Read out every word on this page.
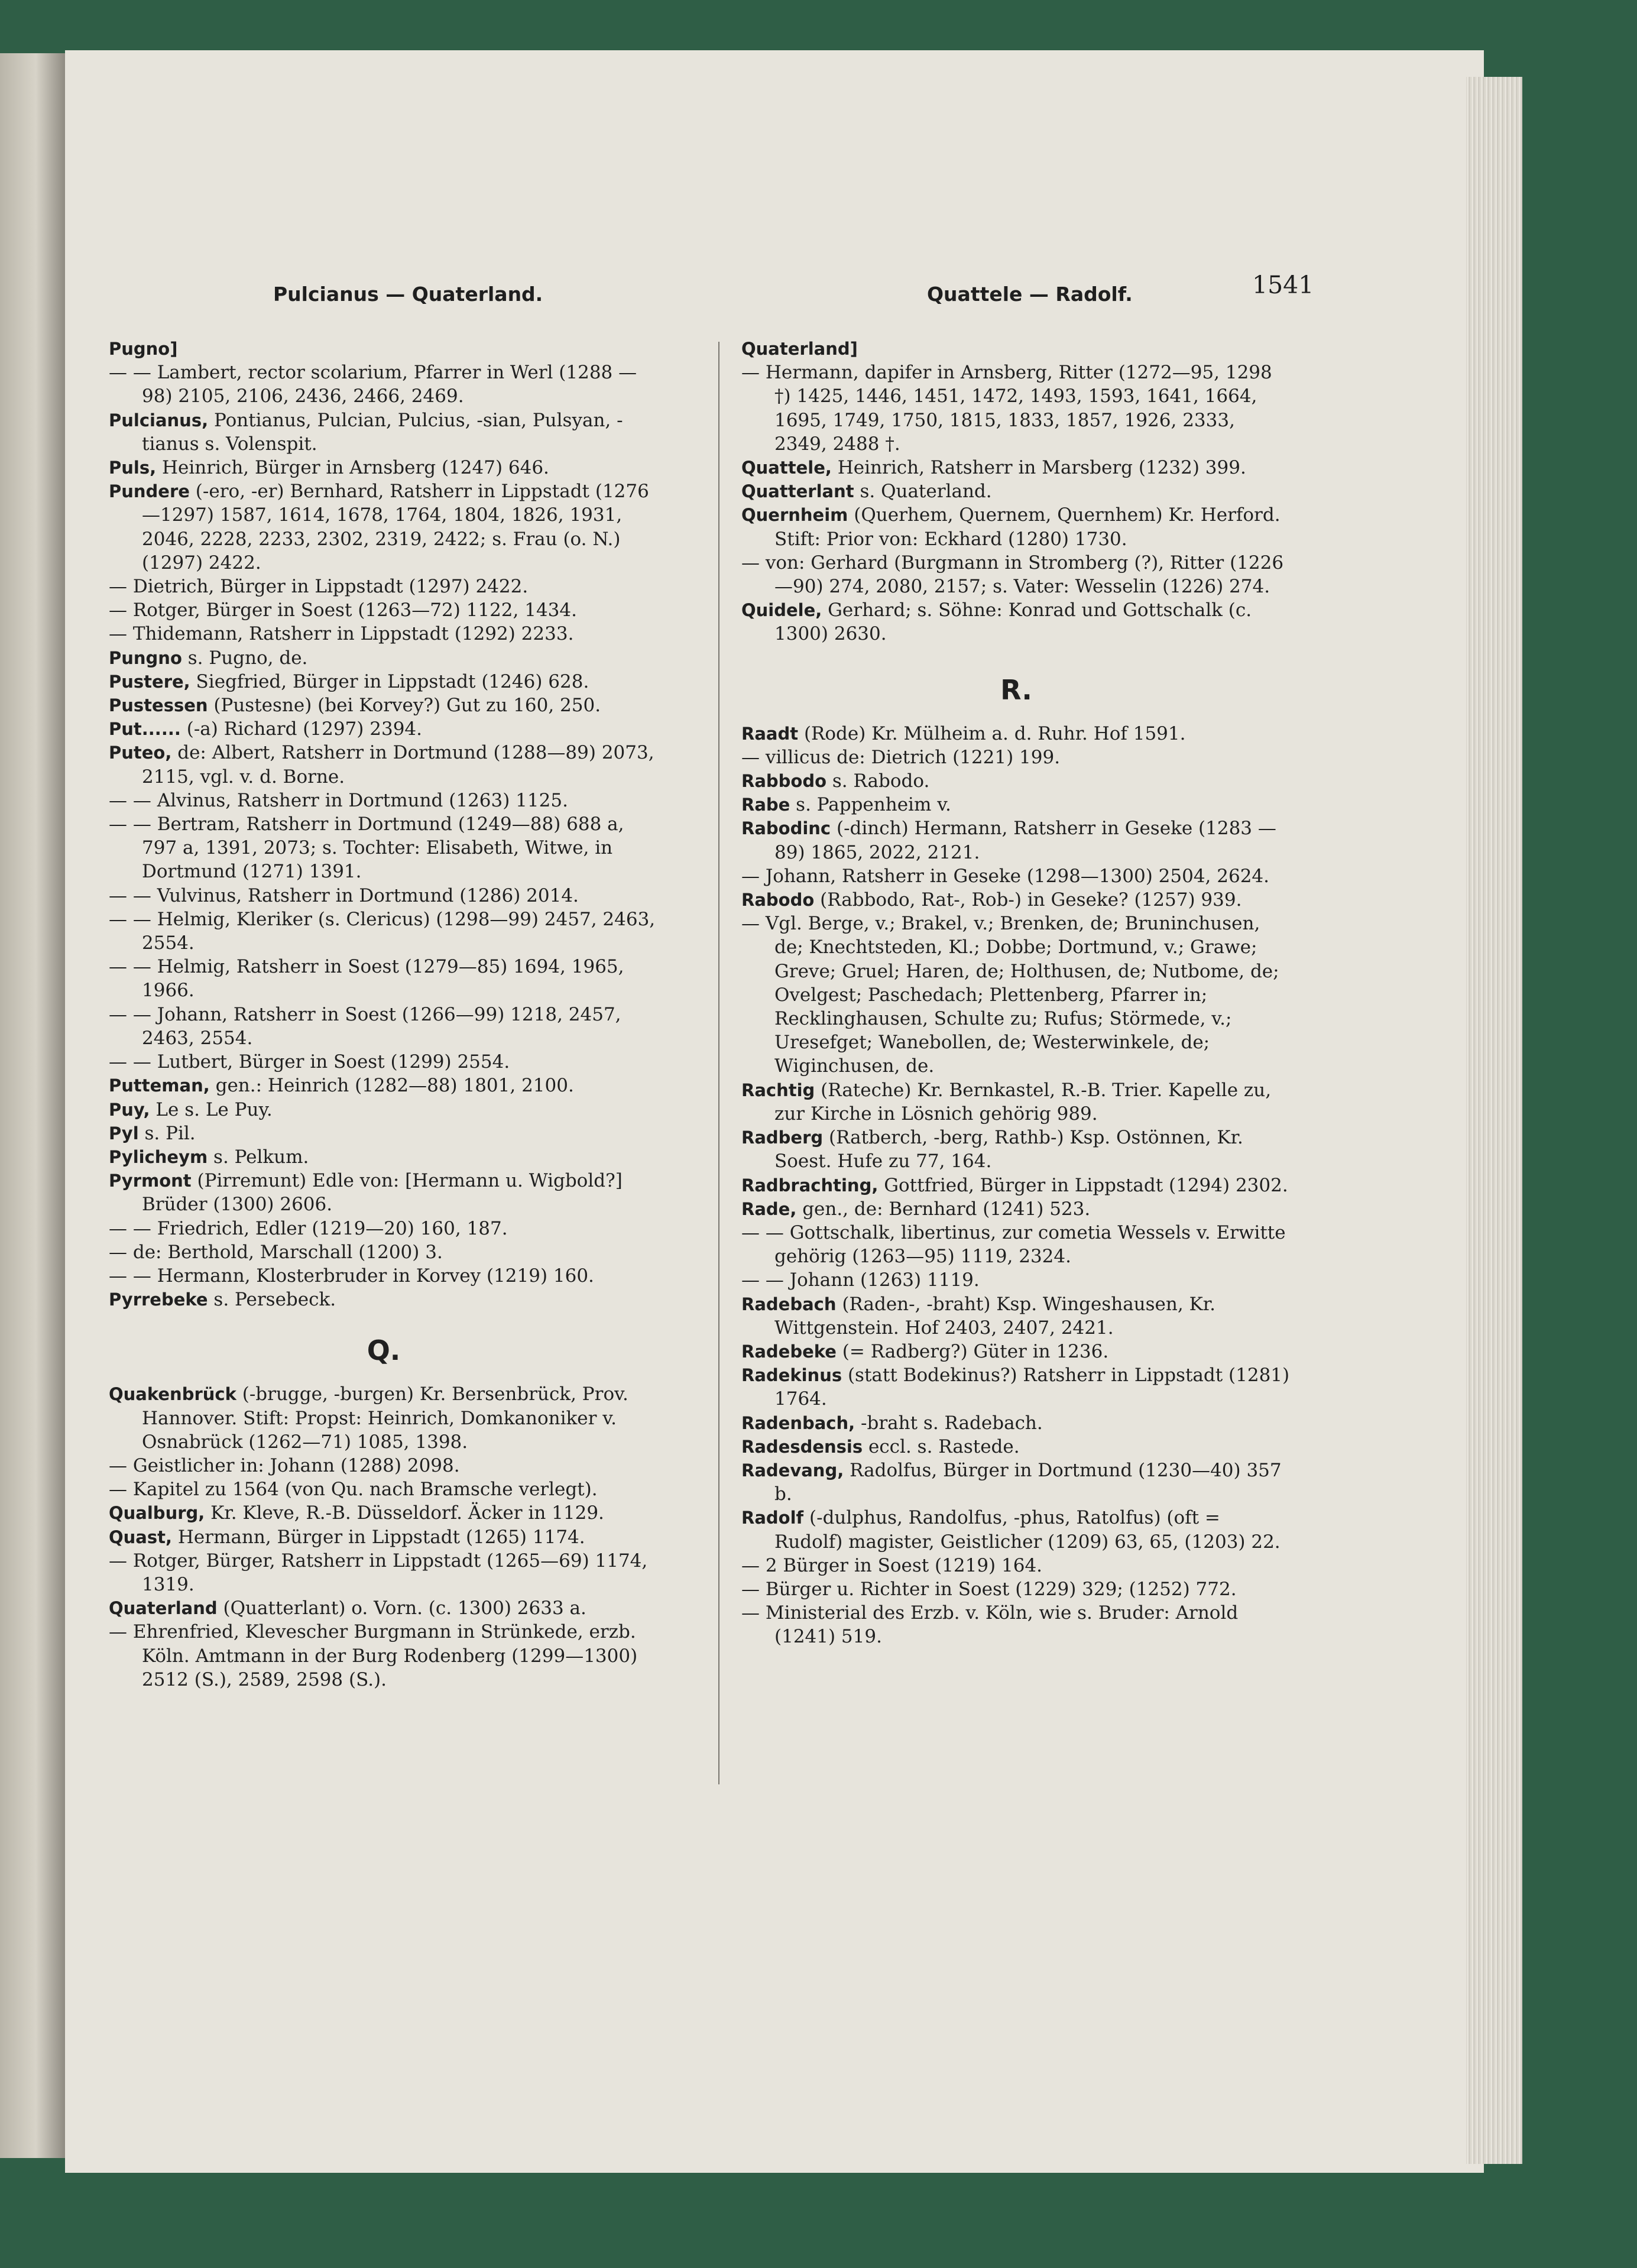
Pulcianus — Quaterland.	Quattele — Radolf.	1541

Pugno]

— — Lambert, rector scolarium, Pfarrer in Werl (1288 —98) 2105, 2106, 2436, 2466, 2469.

Pulcianus, Pontianus, Pulcian, Pulcius, -sian, Pulsyan, -tianus s. Volenspit.

Puls, Heinrich, Bürger in Arnsberg (1247) 646.

Pundere (-ero, -er) Bernhard, Ratsherr in Lippstadt (1276 —1297) 1587, 1614, 1678, 1764, 1804, 1826, 1931, 2046, 2228, 2233, 2302, 2319, 2422; s. Frau (o. N.) (1297) 2422.

— Dietrich, Bürger in Lippstadt (1297) 2422.

— Rotger, Bürger in Soest (1263—72) 1122, 1434.

— Thidemann, Ratsherr in Lippstadt (1292) 2233.

Pungno s. Pugno, de.

Pustere, Siegfried, Bürger in Lippstadt (1246) 628.

Pustessen (Pustesne) (bei Korvey?) Gut zu 160, 250.

Put...... (-a) Richard (1297) 2394.

Puteo, de: Albert, Ratsherr in Dortmund (1288—89) 2073, 2115, vgl. v. d. Borne.

— — Alvinus, Ratsherr in Dortmund (1263) 1125.

— — Bertram, Ratsherr in Dortmund (1249—88) 688 a, 797 a, 1391, 2073; s. Tochter: Elisabeth, Witwe, in Dortmund (1271) 1391.

— — Vulvinus, Ratsherr in Dortmund (1286) 2014.

— — Helmig, Kleriker (s. Clericus) (1298—99) 2457, 2463, 2554.

— — Helmig, Ratsherr in Soest (1279—85) 1694, 1965, 1966.

— — Johann, Ratsherr in Soest (1266—99) 1218, 2457, 2463, 2554.

— — Lutbert, Bürger in Soest (1299) 2554.

Putteman, gen.: Heinrich (1282—88) 1801, 2100.

Puy, Le s. Le Puy.

Pyl s. Pil.

Pylicheym s. Pelkum.

Pyrmont (Pirremunt) Edle von: [Hermann u. Wigbold?] Brüder (1300) 2606.

— — Friedrich, Edler (1219—20) 160, 187.

— de: Berthold, Marschall (1200) 3.

— — Hermann, Klosterbruder in Korvey (1219) 160.

Pyrrebeke s. Persebeck.

Q.

Quakenbrück (-brugge, -burgen) Kr. Bersenbrück, Prov. Hannover. Stift: Propst: Heinrich, Domkanoniker v. Osnabrück (1262—71) 1085, 1398.

— Geistlicher in: Johann (1288) 2098.

— Kapitel zu 1564 (von Qu. nach Bramsche verlegt).

Qualburg, Kr. Kleve, R.-B. Düsseldorf. Äcker in 1129.

Quast, Hermann, Bürger in Lippstadt (1265) 1174.

— Rotger, Bürger, Ratsherr in Lippstadt (1265—69) 1174, 1319.

Quaterland (Quatterlant) o. Vorn. (c. 1300) 2633 a.

— Ehrenfried, Klevescher Burgmann in Strünkede, erzb. Köln. Amtmann in der Burg Rodenberg (1299—1300) 2512 (S.), 2589, 2598 (S.).

Quaterland]

— Hermann, dapifer in Arnsberg, Ritter (1272—95, 1298 †) 1425, 1446, 1451, 1472, 1493, 1593, 1641, 1664, 1695, 1749, 1750, 1815, 1833, 1857, 1926, 2333, 2349, 2488 †.

Quattele, Heinrich, Ratsherr in Marsberg (1232) 399.

Quatterlant s. Quaterland.

Quernheim (Querhem, Quernem, Quernhem) Kr. Herford. Stift: Prior von: Eckhard (1280) 1730.

— von: Gerhard (Burgmann in Stromberg (?), Ritter (1226—90) 274, 2080, 2157; s. Vater: Wesselin (1226) 274.

Quidele, Gerhard; s. Söhne: Konrad und Gottschalk (c. 1300) 2630.

R.

Raadt (Rode) Kr. Mülheim a. d. Ruhr. Hof 1591.

— villicus de: Dietrich (1221) 199.

Rabbodo s. Rabodo.

Rabe s. Pappenheim v.

Rabodinc (-dinch) Hermann, Ratsherr in Geseke (1283 —89) 1865, 2022, 2121.

— Johann, Ratsherr in Geseke (1298—1300) 2504, 2624.

Rabodo (Rabbodo, Rat-, Rob-) in Geseke? (1257) 939.

— Vgl. Berge, v.; Brakel, v.; Brenken, de; Bruninchusen, de; Knechtsteden, Kl.; Dobbe; Dortmund, v.; Grawe; Greve; Gruel; Haren, de; Holthusen, de; Nutbome, de; Ovelgest; Paschedach; Plettenberg, Pfarrer in; Recklinghausen, Schulte zu; Rufus; Störmede, v.; Uresefget; Wanebollen, de; Westerwinkele, de; Wiginchusen, de.

Rachtig (Rateche) Kr. Bernkastel, R.-B. Trier. Kapelle zu, zur Kirche in Lösnich gehörig 989.

Radberg (Ratberch, -berg, Rathb-) Ksp. Ostönnen, Kr. Soest. Hufe zu 77, 164.

Radbrachting, Gottfried, Bürger in Lippstadt (1294) 2302.

Rade, gen., de: Bernhard (1241) 523.

— — Gottschalk, libertinus, zur cometia Wessels v. Erwitte gehörig (1263—95) 1119, 2324.

— — Johann (1263) 1119.

Radebach (Raden-, -braht) Ksp. Wingeshausen, Kr. Wittgenstein. Hof 2403, 2407, 2421.

Radebeke (= Radberg?) Güter in 1236.

Radekinus (statt Bodekinus?) Ratsherr in Lippstadt (1281) 1764.

Radenbach, -braht s. Radebach.

Radesdensis eccl. s. Rastede.

Radevang, Radolfus, Bürger in Dortmund (1230—40) 357 b.

Radolf (-dulphus, Randolfus, -phus, Ratolfus) (oft = Rudolf) magister, Geistlicher (1209) 63, 65, (1203) 22.

— 2 Bürger in Soest (1219) 164.

— Bürger u. Richter in Soest (1229) 329; (1252) 772.

— Ministerial des Erzb. v. Köln, wie s. Bruder: Arnold (1241) 519.
